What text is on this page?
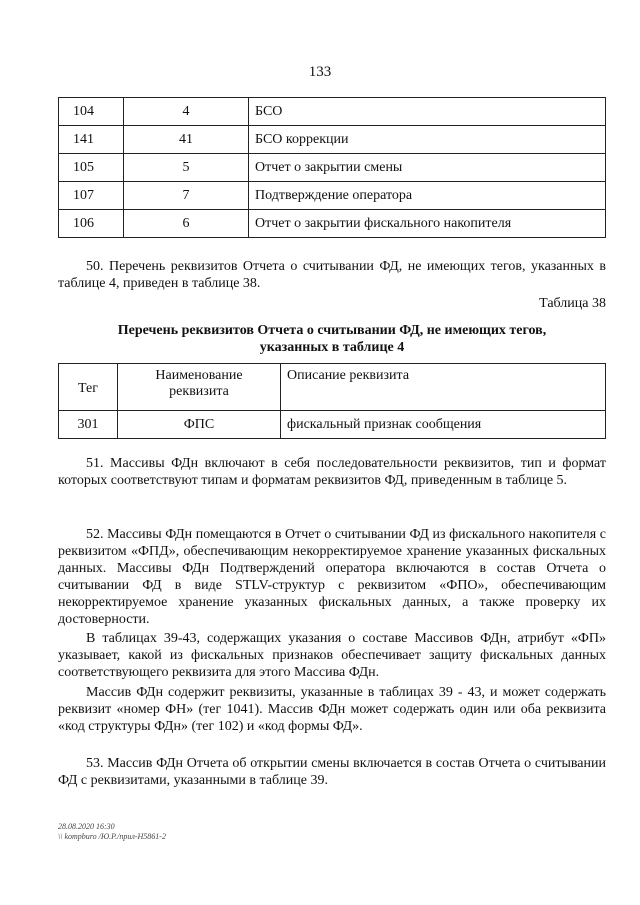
133
104	4	БСО
141	41	БСО коррекции
105	5	Отчет о закрытии смены
107	7	Подтверждение оператора
106	6	Отчет о закрытии фискального накопителя
50. Перечень реквизитов Отчета о считывании ФД, не имеющих тегов, указанных в таблице 4, приведен в таблице 38.
Таблица 38
Перечень реквизитов Отчета о считывании ФД, не имеющих тегов,
указанных в таблице 4
Тег	Наименование реквизита	Описание реквизита
301	ФПС	фискальный признак сообщения
51. Массивы ФДн включают в себя последовательности реквизитов, тип и формат которых соответствуют типам и форматам реквизитов ФД, приведенным в таблице 5.
52. Массивы ФДн помещаются в Отчет о считывании ФД из фискального накопителя с реквизитом «ФПД», обеспечивающим некорректируемое хранение указанных фискальных данных. Массивы ФДн Подтверждений оператора включаются в состав Отчета о считывании ФД в виде STLV-структур с реквизитом «ФПО», обеспечивающим некорректируемое хранение указанных фискальных данных, а также проверку их достоверности.
В таблицах 39-43, содержащих указания о составе Массивов ФДн, атрибут «ФП» указывает, какой из фискальных признаков обеспечивает защиту фискальных данных соответствующего реквизита для этого Массива ФДн.
Массив ФДн содержит реквизиты, указанные в таблицах 39 - 43, и может содержать реквизит «номер ФН» (тег 1041). Массив ФДн может содержать один или оба реквизита «код структуры ФДн» (тег 102) и «код формы ФД».
53. Массив ФДн Отчета об открытии смены включается в состав Отчета о считывании ФД с реквизитами, указанными в таблице 39.
28.08.2020 16:30
\\ kompburo /Ю.Р./прил-Н5861-2
